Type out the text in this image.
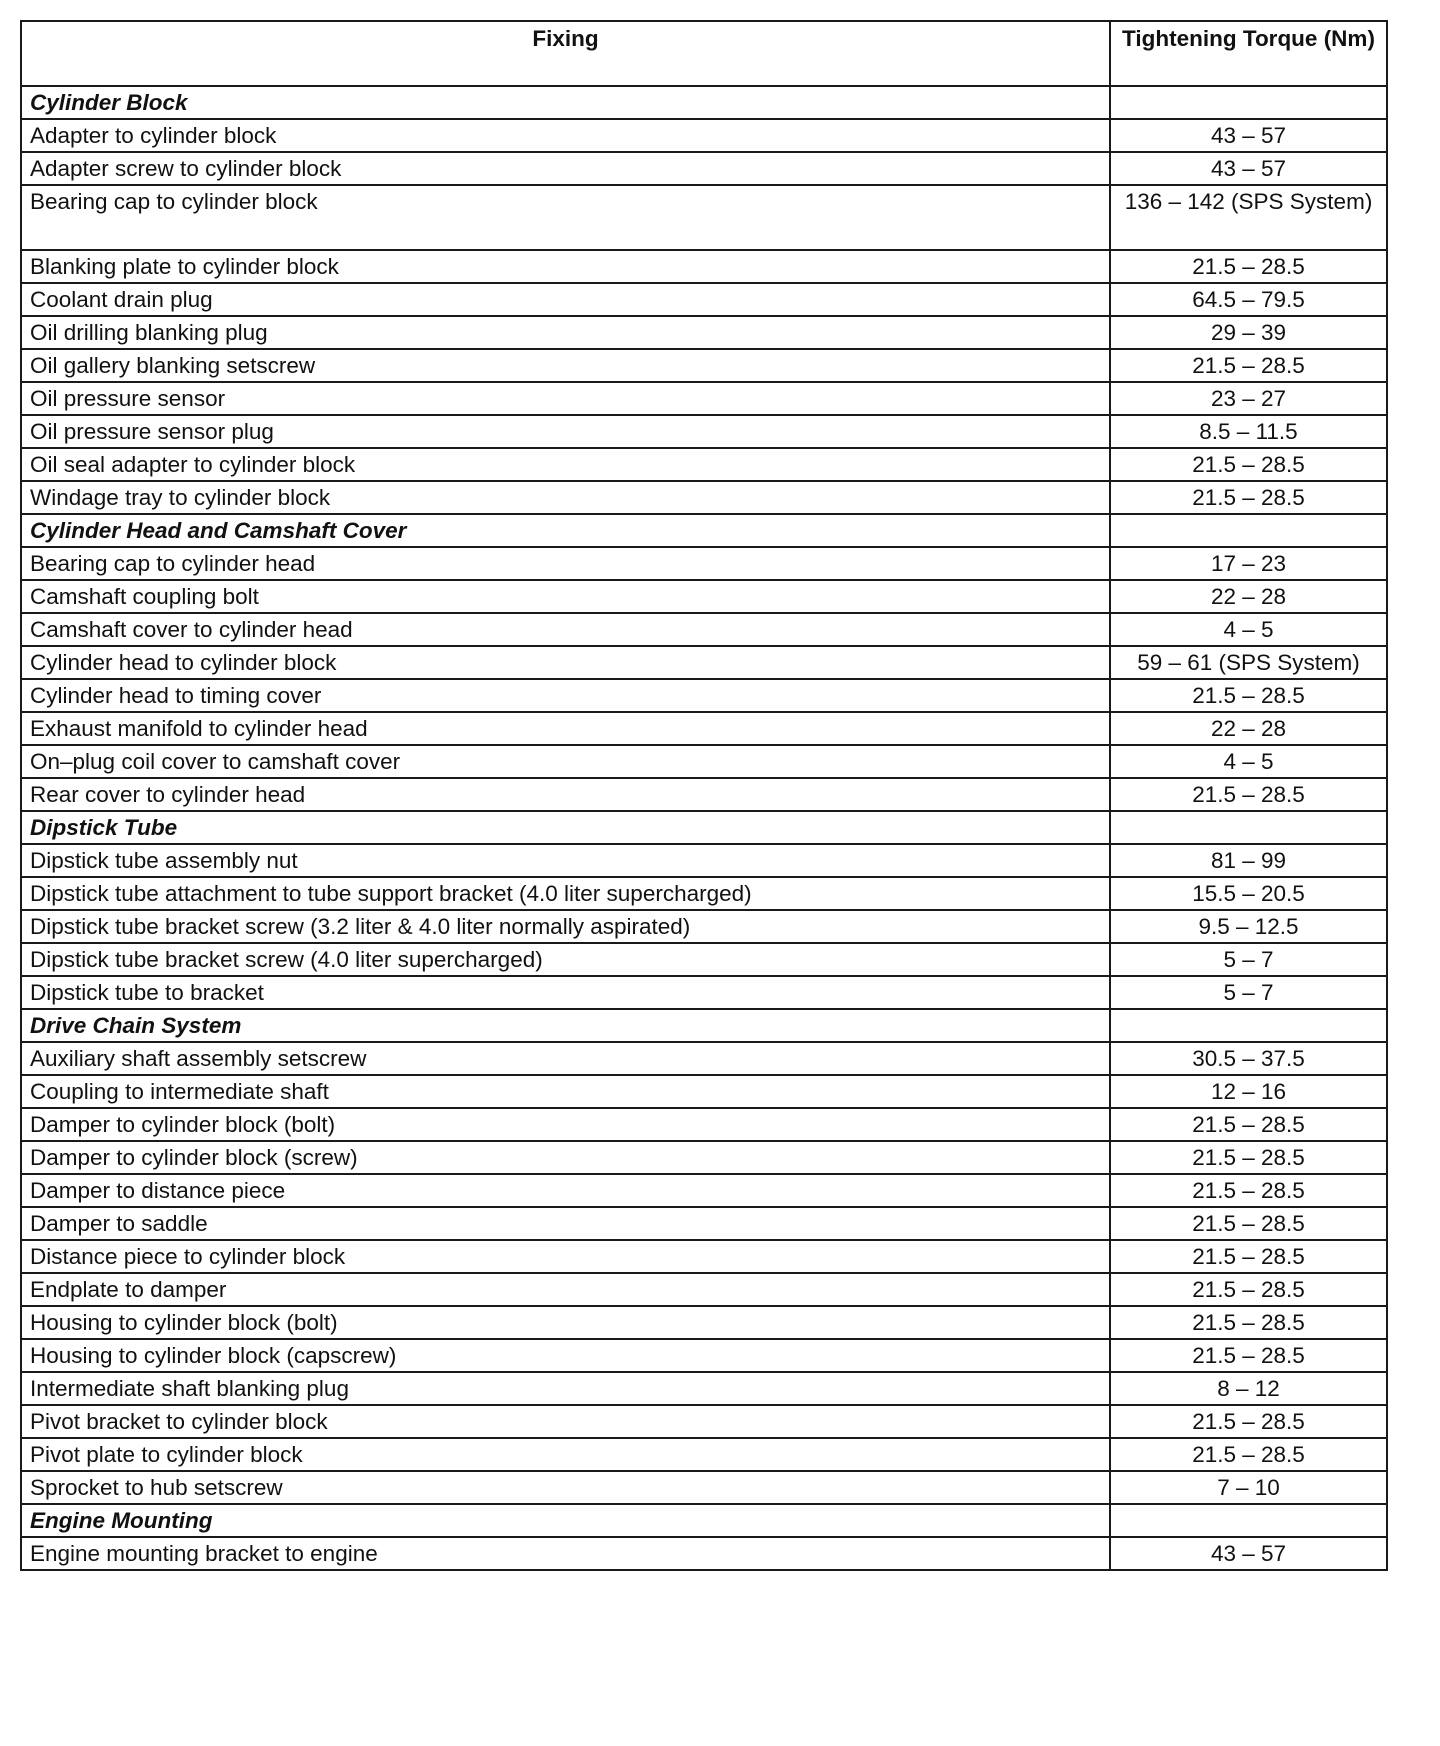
Fixing	Tightening Torque (Nm)
Cylinder Block	
Adapter to cylinder block	43 – 57
Adapter screw to cylinder block	43 – 57
Bearing cap to cylinder block	136 – 142 (SPS System)
Blanking plate to cylinder block	21.5 – 28.5
Coolant drain plug	64.5 – 79.5
Oil drilling blanking plug	29 – 39
Oil gallery blanking setscrew	21.5 – 28.5
Oil pressure sensor	23 – 27
Oil pressure sensor plug	8.5 – 11.5
Oil seal adapter to cylinder block	21.5 – 28.5
Windage tray to cylinder block	21.5 – 28.5
Cylinder Head and Camshaft Cover	
Bearing cap to cylinder head	17 – 23
Camshaft coupling bolt	22 – 28
Camshaft cover to cylinder head	4 – 5
Cylinder head to cylinder block	59 – 61 (SPS System)
Cylinder head to timing cover	21.5 – 28.5
Exhaust manifold to cylinder head	22 – 28
On–plug coil cover to camshaft cover	4 – 5
Rear cover to cylinder head	21.5 – 28.5
Dipstick Tube	
Dipstick tube assembly nut	81 – 99
Dipstick tube attachment to tube support bracket (4.0 liter supercharged)	15.5 – 20.5
Dipstick tube bracket screw (3.2 liter & 4.0 liter normally aspirated)	9.5 – 12.5
Dipstick tube bracket screw (4.0 liter supercharged)	5 – 7
Dipstick tube to bracket	5 – 7
Drive Chain System	
Auxiliary shaft assembly setscrew	30.5 – 37.5
Coupling to intermediate shaft	12 – 16
Damper to cylinder block (bolt)	21.5 – 28.5
Damper to cylinder block (screw)	21.5 – 28.5
Damper to distance piece	21.5 – 28.5
Damper to saddle	21.5 – 28.5
Distance piece to cylinder block	21.5 – 28.5
Endplate to damper	21.5 – 28.5
Housing to cylinder block (bolt)	21.5 – 28.5
Housing to cylinder block (capscrew)	21.5 – 28.5
Intermediate shaft blanking plug	8 – 12
Pivot bracket to cylinder block	21.5 – 28.5
Pivot plate to cylinder block	21.5 – 28.5
Sprocket to hub setscrew	7 – 10
Engine Mounting	
Engine mounting bracket to engine	43 – 57
